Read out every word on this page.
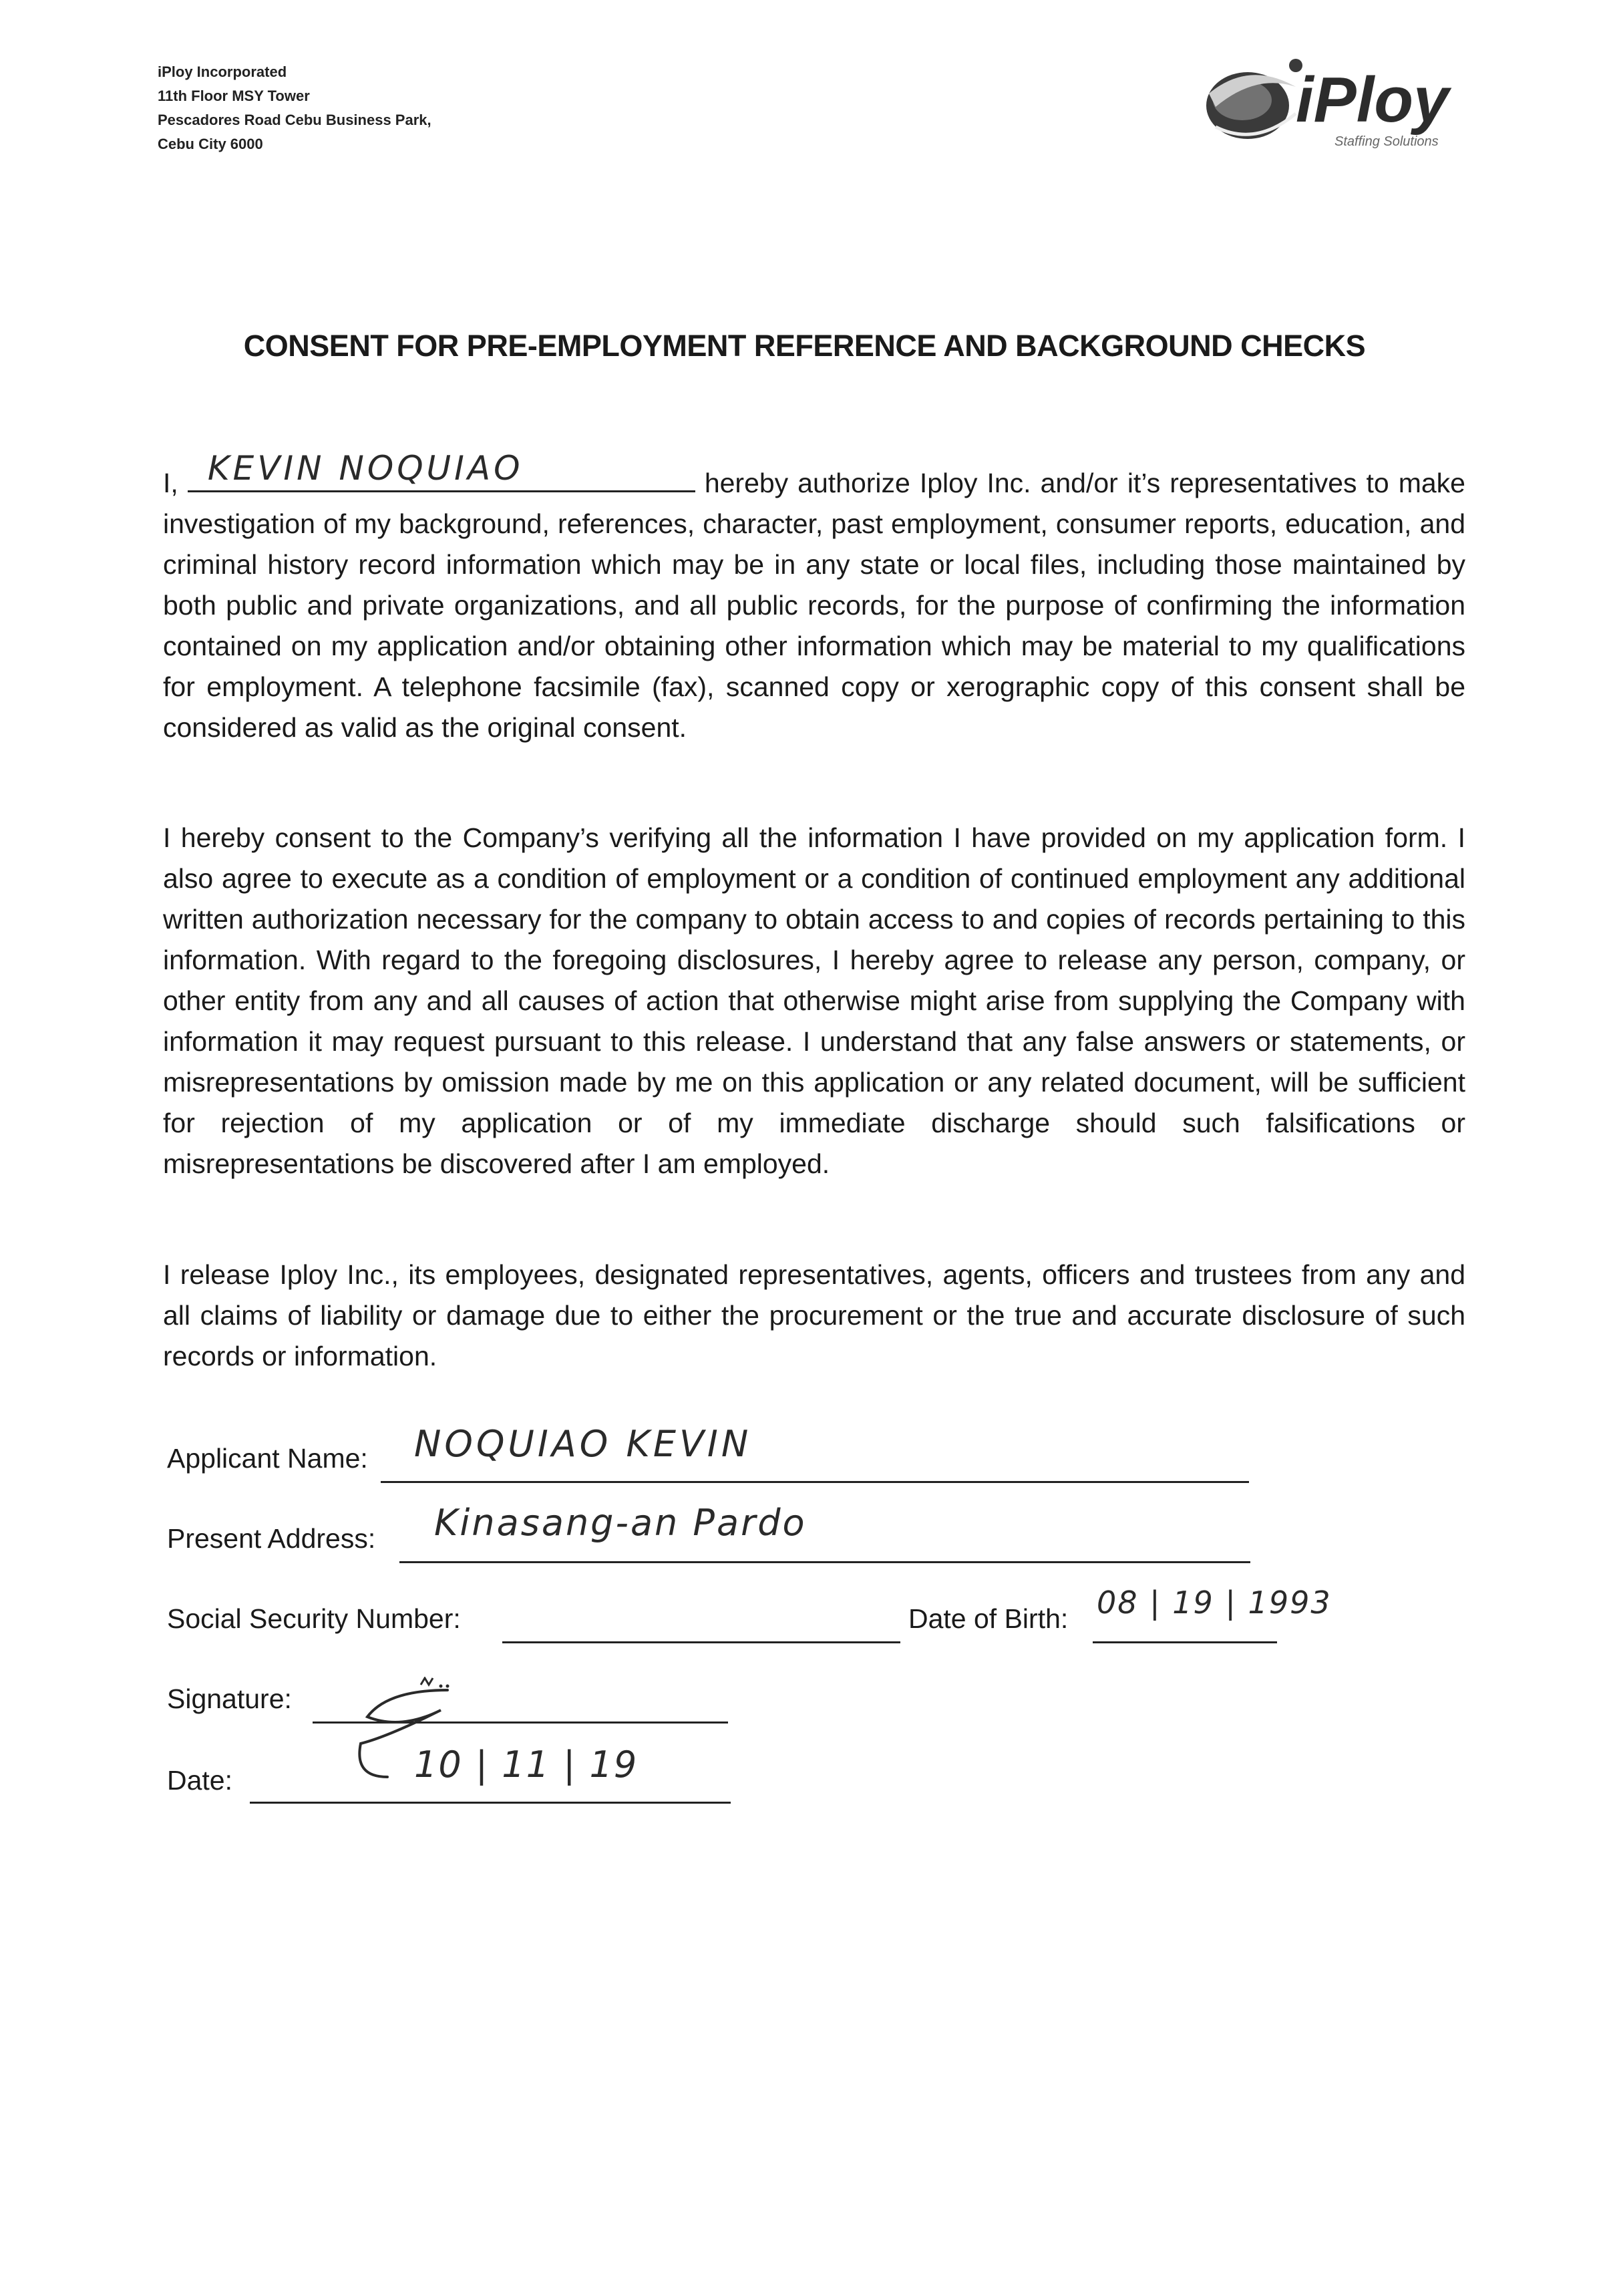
iPloy Incorporated
11th Floor MSY Tower
Pescadores Road Cebu Business Park,
Cebu City 6000
iPloy
Staffing Solutions
CONSENT FOR PRE-EMPLOYMENT REFERENCE AND BACKGROUND CHECKS
I, KEVIN NOQUIAO	hereby authorize Iploy Inc. and/or it’s representatives to make investigation of my background, references, character, past employment, consumer reports, education, and criminal history record information which may be in any state or local files, including those maintained by both public and private organizations, and all public records, for the purpose of confirming the information contained on my application and/or obtaining other information which may be material to my qualifications for employment. A telephone facsimile (fax), scanned copy or xerographic copy of this consent shall be considered as valid as the original consent.
I hereby consent to the Company’s verifying all the information I have provided on my application form. I also agree to execute as a condition of employment or a condition of continued employment any additional written authorization necessary for the company to obtain access to and copies of records pertaining to this information. With regard to the foregoing disclosures, I hereby agree to release any person, company, or other entity from any and all causes of action that otherwise might arise from supplying the Company with information it may request pursuant to this release. I understand that any false answers or statements, or misrepresentations by omission made by me on this application or any related document, will be sufficient for rejection of my application or of my immediate discharge should such falsifications or misrepresentations be discovered after I am employed.
I release Iploy Inc., its employees, designated representatives, agents, officers and trustees from any and all claims of liability or damage due to either the procurement or the true and accurate disclosure of such records or information.
Applicant Name: NOQUIAO KEVIN
Present Address: Kinasang-an Pardo
Social Security Number:	Date of Birth: 08 | 19 | 1993
Signature:
Date:	10 | 11 | 19
